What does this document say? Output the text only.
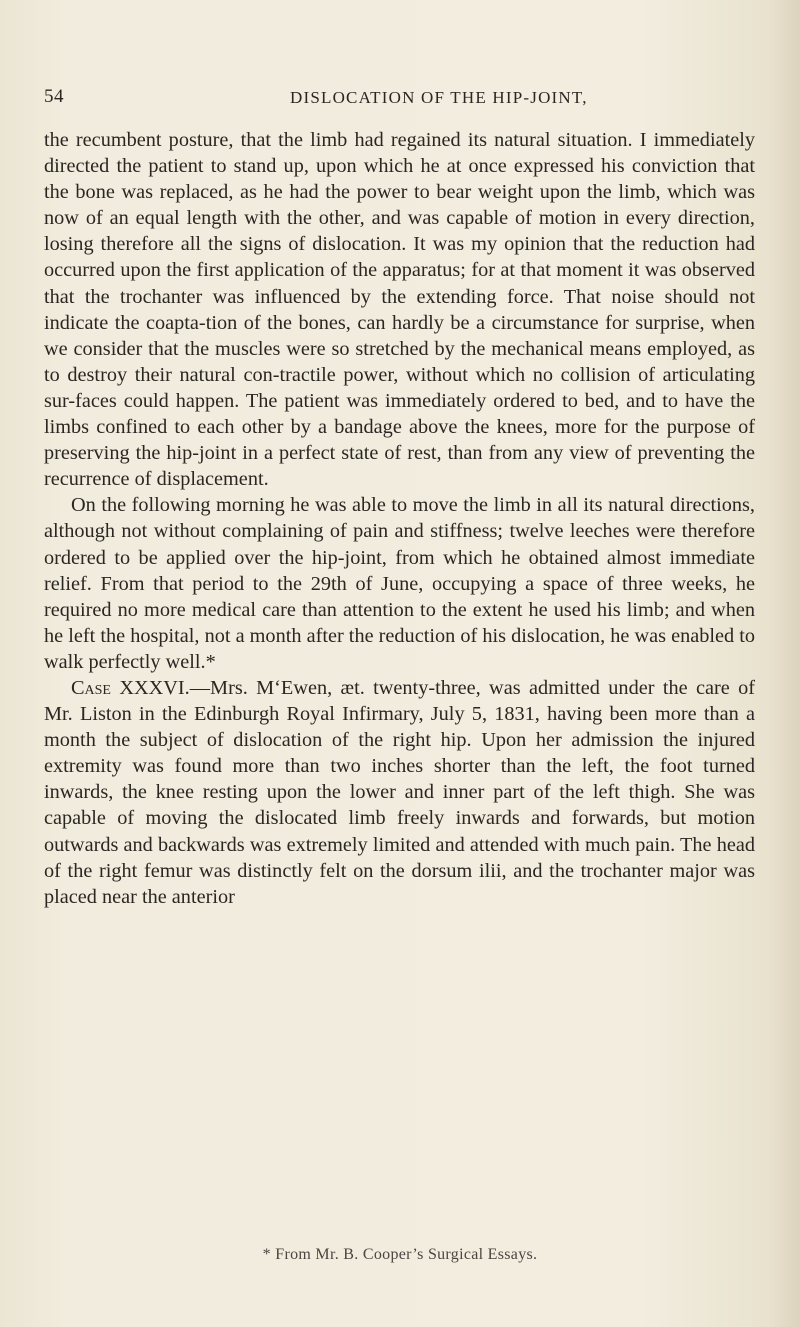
54	DISLOCATION OF THE HIP-JOINT,

the recumbent posture, that the limb had regained its natural situation. I immediately directed the patient to stand up, upon which he at once expressed his conviction that the bone was replaced, as he had the power to bear weight upon the limb, which was now of an equal length with the other, and was capable of motion in every direction, losing therefore all the signs of dislocation. It was my opinion that the reduction had occurred upon the first application of the apparatus; for at that moment it was observed that the trochanter was influenced by the extending force. That noise should not indicate the coapta-tion of the bones, can hardly be a circumstance for surprise, when we consider that the muscles were so stretched by the mechanical means employed, as to destroy their natural con-tractile power, without which no collision of articulating sur-faces could happen. The patient was immediately ordered to bed, and to have the limbs confined to each other by a bandage above the knees, more for the purpose of preserving the hip-joint in a perfect state of rest, than from any view of preventing the recurrence of displacement.

On the following morning he was able to move the limb in all its natural directions, although not without complaining of pain and stiffness; twelve leeches were therefore ordered to be applied over the hip-joint, from which he obtained almost immediate relief. From that period to the 29th of June, occupying a space of three weeks, he required no more medical care than attention to the extent he used his limb; and when he left the hospital, not a month after the reduction of his dislocation, he was enabled to walk perfectly well.*

Case XXXVI.—Mrs. M‘Ewen, æt. twenty-three, was admitted under the care of Mr. Liston in the Edinburgh Royal Infirmary, July 5, 1831, having been more than a month the subject of dislocation of the right hip. Upon her admission the injured extremity was found more than two inches shorter than the left, the foot turned inwards, the knee resting upon the lower and inner part of the left thigh. She was capable of moving the dislocated limb freely inwards and forwards, but motion outwards and backwards was extremely limited and attended with much pain. The head of the right femur was distinctly felt on the dorsum ilii, and the trochanter major was placed near the anterior

* From Mr. B. Cooper’s Surgical Essays.
